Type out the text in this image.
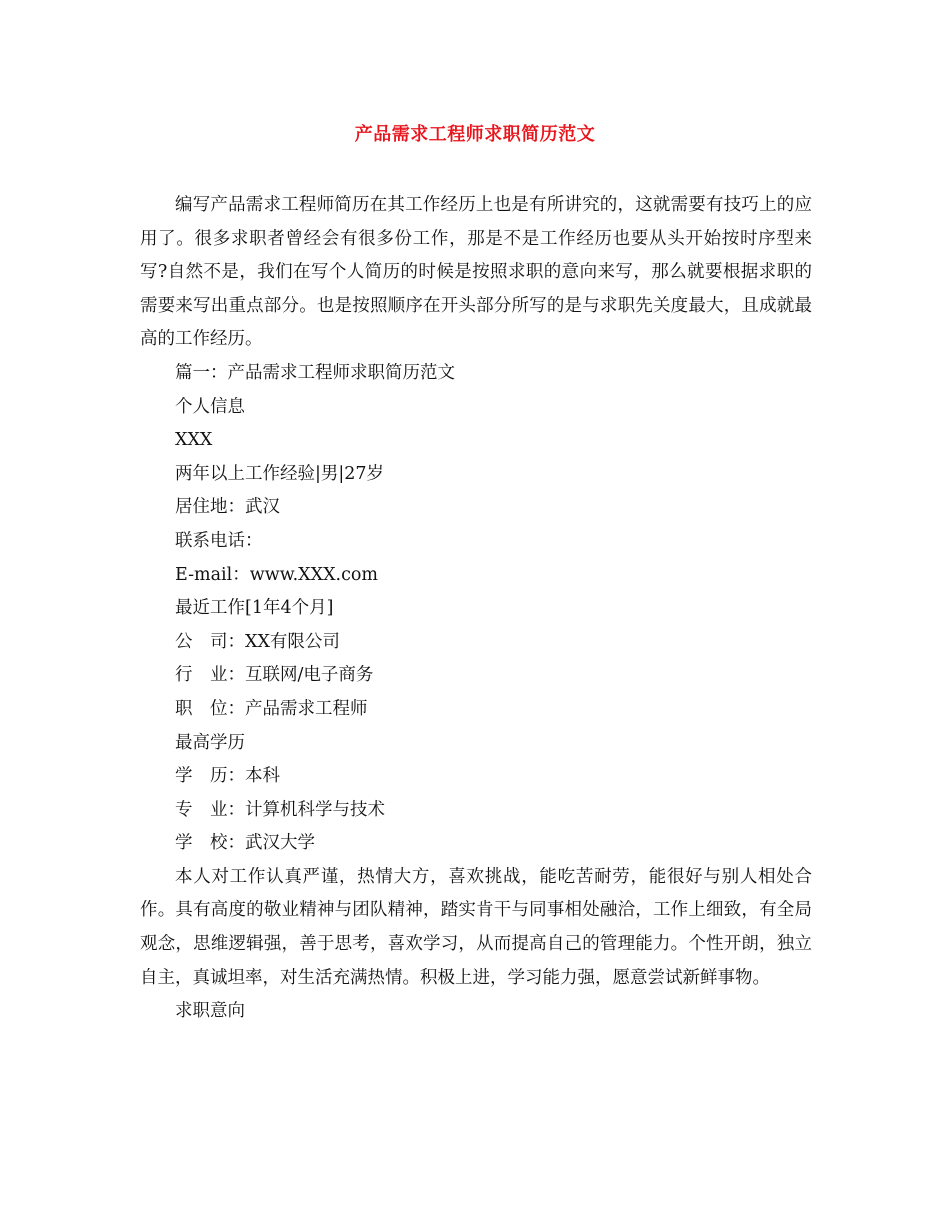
产品需求工程师求职简历范文

编写产品需求工程师简历在其工作经历上也是有所讲究的，这就需要有技巧上的应用了。很多求职者曾经会有很多份工作，那是不是工作经历也要从头开始按时序型来写?自然不是，我们在写个人简历的时候是按照求职的意向来写，那么就要根据求职的需要来写出重点部分。也是按照顺序在开头部分所写的是与求职先关度最大，且成就最高的工作经历。

篇一：产品需求工程师求职简历范文

个人信息

XXX

两年以上工作经验|男|27岁

居住地：武汉

联系电话：

E-mail：www.XXX.com

最近工作[1年4个月]

公　司：XX有限公司

行　业：互联网/电子商务

职　位：产品需求工程师

最高学历

学　历：本科

专　业：计算机科学与技术

学　校：武汉大学

本人对工作认真严谨，热情大方，喜欢挑战，能吃苦耐劳，能很好与别人相处合作。具有高度的敬业精神与团队精神，踏实肯干与同事相处融洽，工作上细致，有全局观念，思维逻辑强，善于思考，喜欢学习，从而提高自己的管理能力。个性开朗，独立自主，真诚坦率，对生活充满热情。积极上进，学习能力强，愿意尝试新鲜事物。

求职意向
